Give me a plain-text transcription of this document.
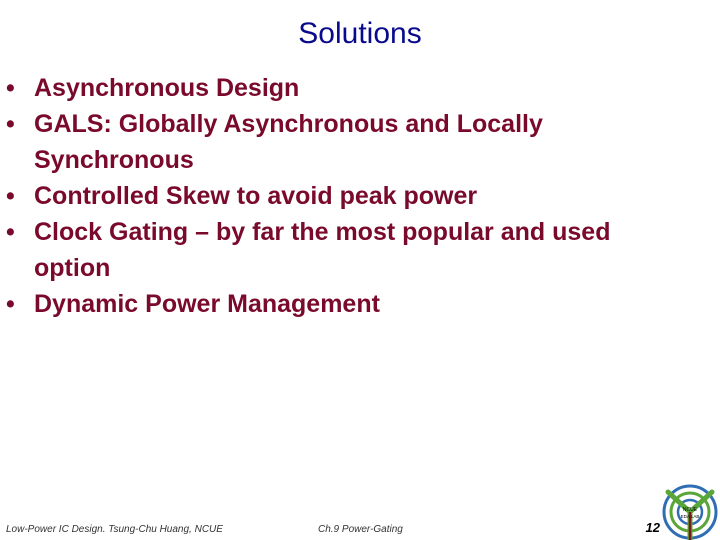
Solutions
• Asynchronous Design
• GALS: Globally Asynchronous and Locally
Synchronous
• Controlled Skew to avoid peak power
• Clock Gating – by far the most popular and used
option
• Dynamic Power Management
Low-Power IC Design. Tsung-Chu Huang, NCUE	Ch.9 Power-Gating	12
NCUE
EDA LAB
